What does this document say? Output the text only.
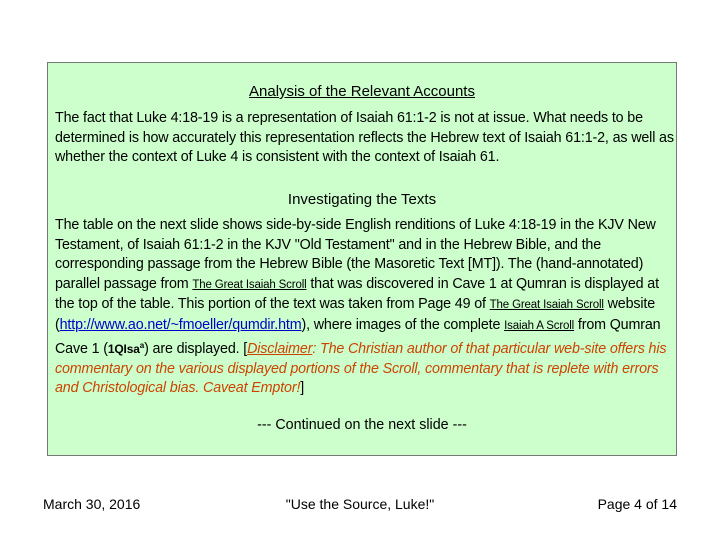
Analysis of the Relevant Accounts
The fact that Luke 4:18-19 is a representation of Isaiah 61:1-2 is not at issue. What needs to be determined is how accurately this representation reflects the Hebrew text of Isaiah 61:1-2, as well as whether the context of Luke 4 is consistent with the context of Isaiah 61.
Investigating the Texts
The table on the next slide shows side-by-side English renditions of Luke 4:18-19 in the KJV New Testament, of Isaiah 61:1-2 in the KJV "Old Testament" and in the Hebrew Bible, and the corresponding passage from the Hebrew Bible (the Masoretic Text [MT]). The (hand-annotated) parallel passage from The Great Isaiah Scroll that was discovered in Cave 1 at Qumran is displayed at the top of the table. This portion of the text was taken from Page 49 of The Great Isaiah Scroll website (http://www.ao.net/~fmoeller/qumdir.htm), where images of the complete Isaiah A Scroll from Qumran Cave 1 (1QIsa$^a$) are displayed. [Disclaimer: The Christian author of that particular web-site offers his commentary on the various displayed portions of the Scroll, commentary that is replete with errors and Christological bias. Caveat Emptor!]
--- Continued on the next slide ---
March 30, 2016	"Use the Source, Luke!"	Page 4 of 14
